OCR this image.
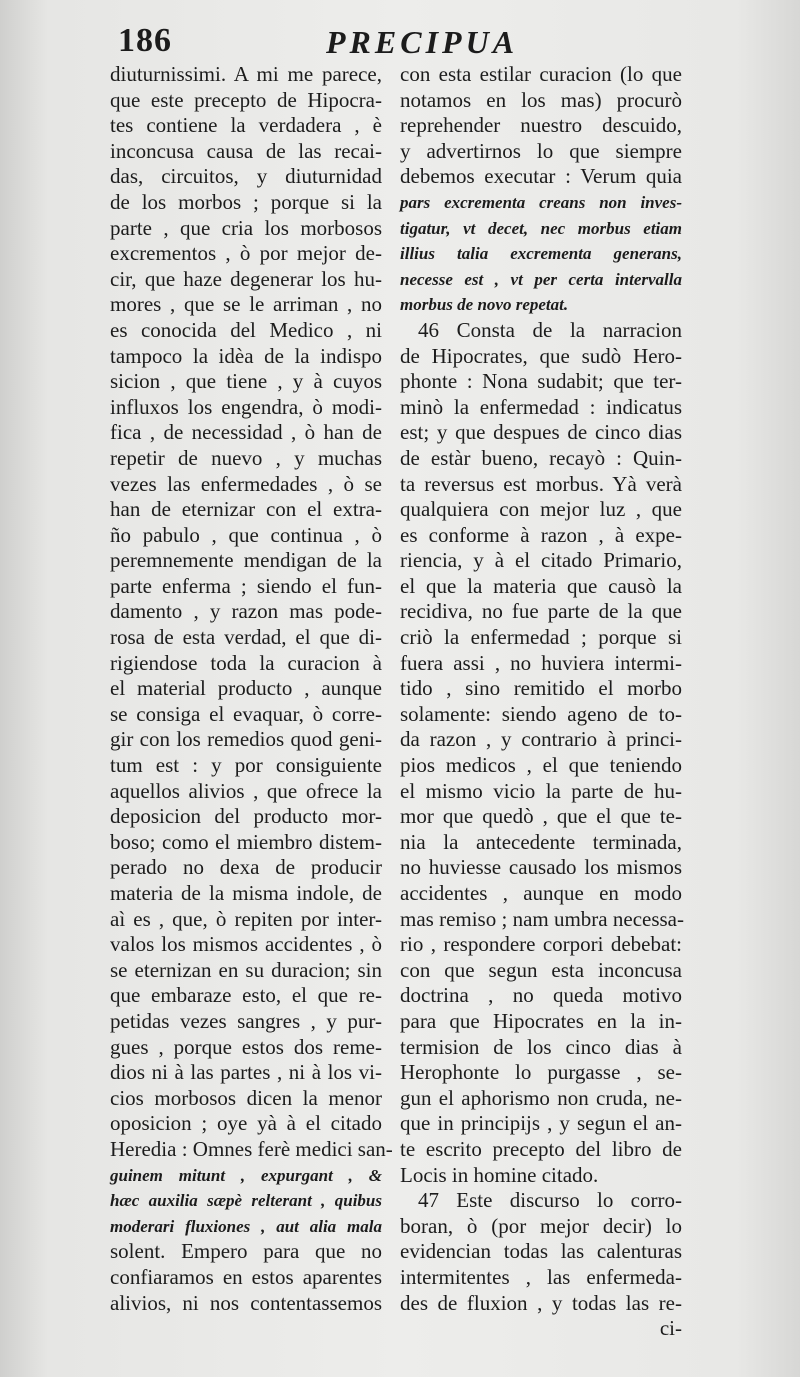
186	PRECIPUA
diuturnissimi. A mi me parece,
que este precepto de Hipocra-
tes contiene la verdadera , è
inconcusa causa de las recai-
das, circuitos, y diuturnidad
de los morbos ; porque si la
parte , que cria los morbosos
excrementos , ò por mejor de-
cir, que haze degenerar los hu-
mores , que se le arriman , no
es conocida del Medico , ni
tampoco la idèa de la indispo
sicion , que tiene , y à cuyos
influxos los engendra, ò modi-
fica , de necessidad , ò han de
repetir de nuevo , y muchas
vezes las enfermedades , ò se
han de eternizar con el extra-
ño pabulo , que continua , ò
peremnemente mendigan de la
parte enferma ; siendo el fun-
damento , y razon mas pode-
rosa de esta verdad, el que di-
rigiendose toda la curacion à
el material producto , aunque
se consiga el evaquar, ò corre-
gir con los remedios quod geni-
tum est : y por consiguiente
aquellos alivios , que ofrece la
deposicion del producto mor-
boso; como el miembro distem-
perado no dexa de producir
materia de la misma indole, de
aì es , que, ò repiten por inter-
valos los mismos accidentes , ò
se eternizan en su duracion; sin
que embaraze esto, el que re-
petidas vezes sangres , y pur-
gues , porque estos dos reme-
dios ni à las partes , ni à los vi-
cios morbosos dicen la menor
oposicion ; oye yà à el citado
Heredia : Omnes ferè medici san-
guinem mitunt , expurgant , &
hæc auxilia sæpè relterant , quibus
moderari fluxiones , aut alia mala
solent. Empero para que no
confiaramos en estos aparentes
alivios, ni nos contentassemos
con esta estilar curacion (lo que
notamos en los mas) procurò
reprehender nuestro descuido,
y advertirnos lo que siempre
debemos executar : Verum quia
pars excrementa creans non inves-
tigatur, vt decet, nec morbus etiam
illius talia excrementa generans,
necesse est , vt per certa intervalla
morbus de novo repetat.
46 Consta de la narracion
de Hipocrates, que sudò Hero-
phonte : Nona sudabit; que ter-
minò la enfermedad : indicatus
est; y que despues de cinco dias
de estàr bueno, recayò : Quin-
ta reversus est morbus. Yà verà
qualquiera con mejor luz , que
es conforme à razon , à expe-
riencia, y à el citado Primario,
el que la materia que causò la
recidiva, no fue parte de la que
criò la enfermedad ; porque si
fuera assi , no huviera intermi-
tido , sino remitido el morbo
solamente: siendo ageno de to-
da razon , y contrario à princi-
pios medicos , el que teniendo
el mismo vicio la parte de hu-
mor que quedò , que el que te-
nia la antecedente terminada,
no huviesse causado los mismos
accidentes , aunque en modo
mas remiso ; nam umbra necessa-
rio , respondere corpori debebat:
con que segun esta inconcusa
doctrina , no queda motivo
para que Hipocrates en la in-
termision de los cinco dias à
Herophonte lo purgasse , se-
gun el aphorismo non cruda, ne-
que in principijs , y segun el an-
te escrito precepto del libro de
Locis in homine citado.
47 Este discurso lo corro-
boran, ò (por mejor decir) lo
evidencian todas las calenturas
intermitentes , las enfermeda-
des de fluxion , y todas las re-
ci-
